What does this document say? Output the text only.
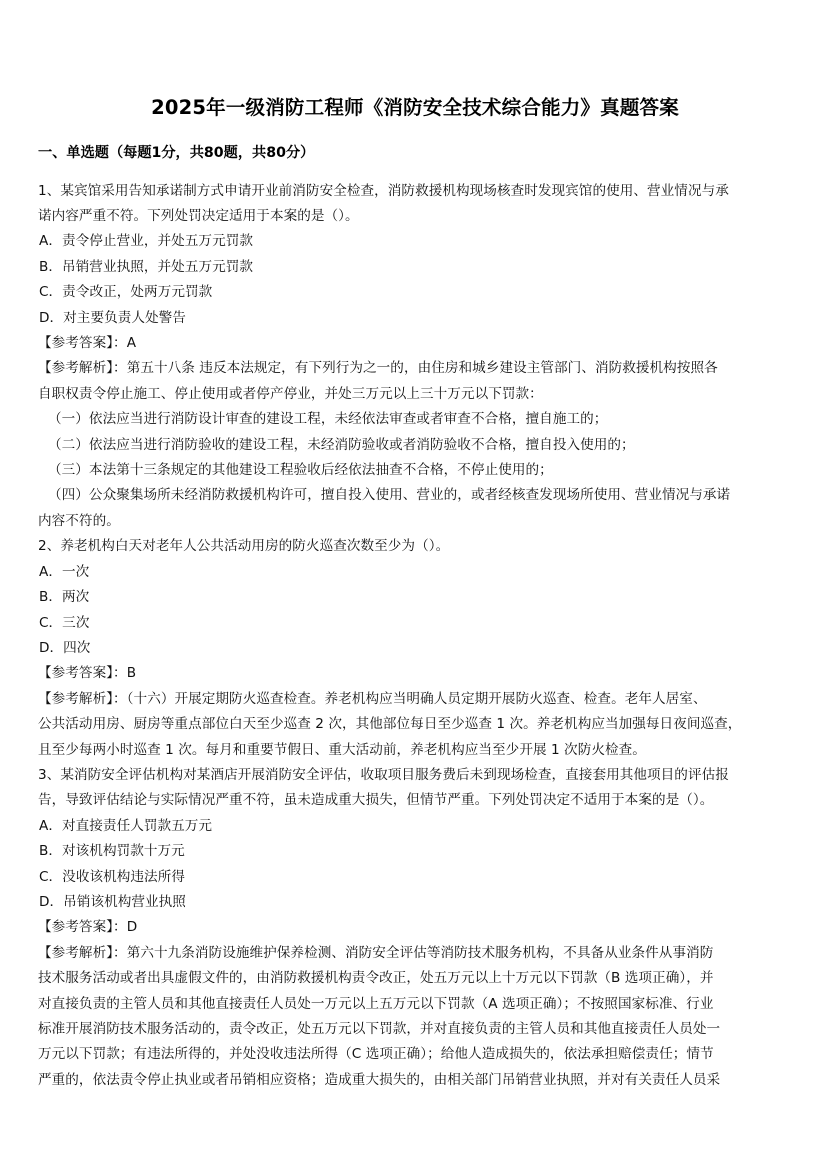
2025年一级消防工程师《消防安全技术综合能力》真题答案
一、单选题（每题1分，共80题，共80分）
1、某宾馆采用告知承诺制方式申请开业前消防安全检查，消防救援机构现场核查时发现宾馆的使用、营业情况与承
诺内容严重不符。下列处罚决定适用于本案的是（）。
A．责令停止营业，并处五万元罚款
B．吊销营业执照，并处五万元罚款
C．责令改正，处两万元罚款
D．对主要负责人处警告
【参考答案】：A
【参考解析】：第五十八条 违反本法规定，有下列行为之一的，由住房和城乡建设主管部门、消防救援机构按照各
自职权责令停止施工、停止使用或者停产停业，并处三万元以上三十万元以下罚款：
（一）依法应当进行消防设计审查的建设工程，未经依法审查或者审查不合格，擅自施工的；
（二）依法应当进行消防验收的建设工程，未经消防验收或者消防验收不合格，擅自投入使用的；
（三）本法第十三条规定的其他建设工程验收后经依法抽查不合格，不停止使用的；
（四）公众聚集场所未经消防救援机构许可，擅自投入使用、营业的，或者经核查发现场所使用、营业情况与承诺
内容不符的。
2、养老机构白天对老年人公共活动用房的防火巡查次数至少为（）。
A．一次
B．两次
C．三次
D．四次
【参考答案】：B
【参考解析】：（十六）开展定期防火巡查检查。养老机构应当明确人员定期开展防火巡查、检查。老年人居室、
公共活动用房、厨房等重点部位白天至少巡查 2 次，其他部位每日至少巡查 1 次。养老机构应当加强每日夜间巡查，
且至少每两小时巡查 1 次。每月和重要节假日、重大活动前，养老机构应当至少开展 1 次防火检查。
3、某消防安全评估机构对某酒店开展消防安全评估，收取项目服务费后未到现场检查，直接套用其他项目的评估报
告，导致评估结论与实际情况严重不符，虽未造成重大损失，但情节严重。下列处罚决定不适用于本案的是（）。
A．对直接责任人罚款五万元
B．对该机构罚款十万元
C．没收该机构违法所得
D．吊销该机构营业执照
【参考答案】：D
【参考解析】：第六十九条消防设施维护保养检测、消防安全评估等消防技术服务机构，不具备从业条件从事消防
技术服务活动或者出具虚假文件的，由消防救援机构责令改正，处五万元以上十万元以下罚款（B 选项正确），并
对直接负责的主管人员和其他直接责任人员处一万元以上五万元以下罚款（A 选项正确）；不按照国家标准、行业
标准开展消防技术服务活动的，责令改正，处五万元以下罚款，并对直接负责的主管人员和其他直接责任人员处一
万元以下罚款；有违法所得的，并处没收违法所得（C 选项正确）；给他人造成损失的，依法承担赔偿责任；情节
严重的，依法责令停止执业或者吊销相应资格；造成重大损失的，由相关部门吊销营业执照，并对有关责任人员采
